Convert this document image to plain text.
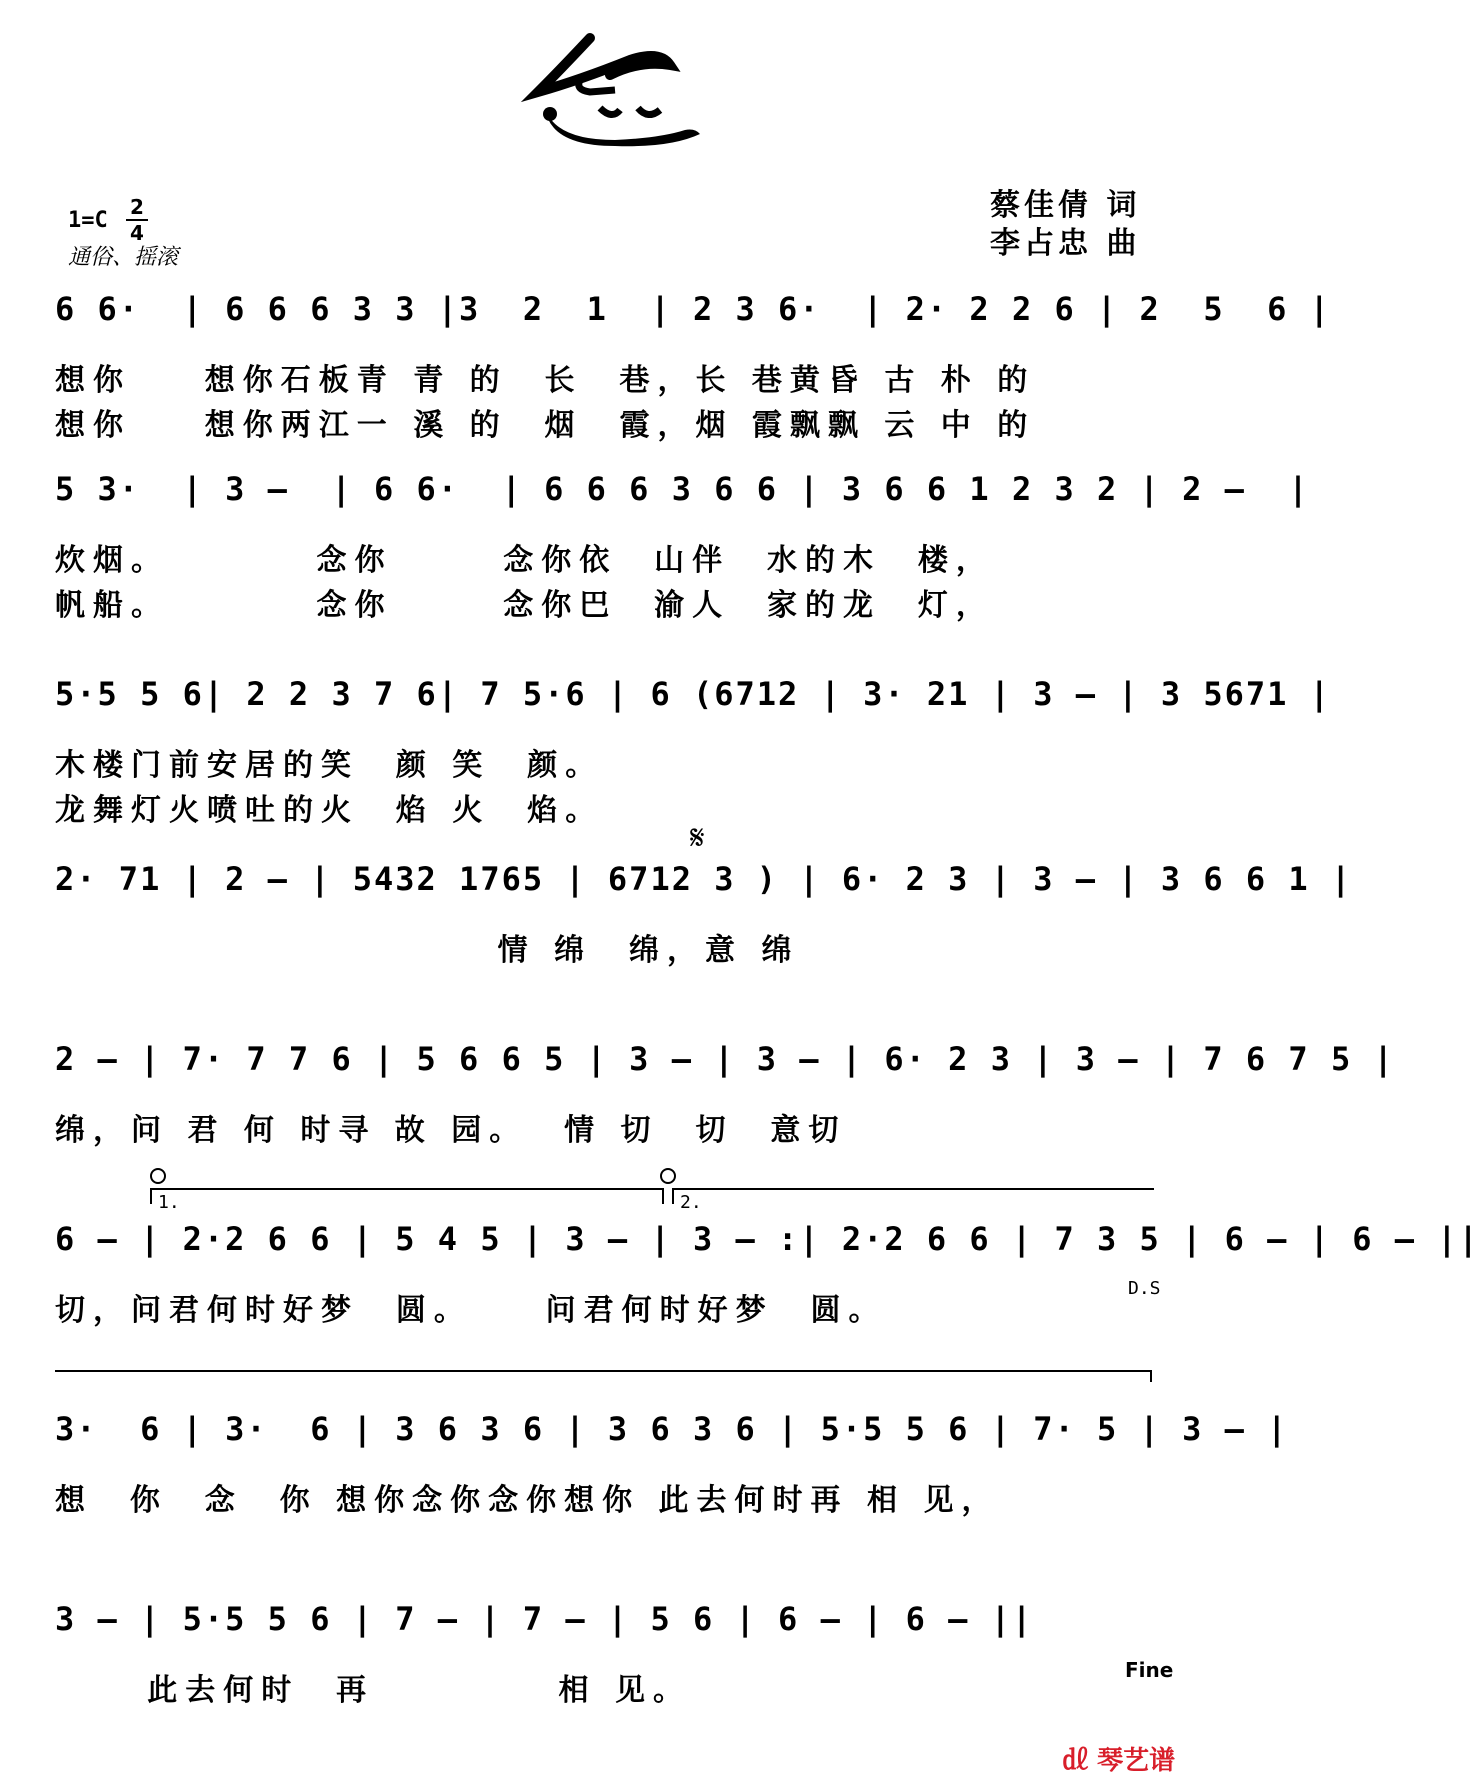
蔡佳倩 词
李占忠 曲
1=C
2
4
通俗、摇滚
6 6·  | 6 6 6 3 3 |3  2  1  | 2 3 6·  | 2· 2 2 6 | 2  5  6 |
想你    想你石板青 青 的  长  巷，长 巷黄昏 古 朴 的
想你    想你两江一 溪 的  烟  霞，烟 霞飘飘 云 中 的
5 3·  | 3 –  | 6 6·  | 6 6 6 3 6 6 | 3 6 6 1 2 3 2 | 2 –  |
炊烟。        念你      念你依  山伴  水的木  楼，
帆船。        念你      念你巴  渝人  家的龙  灯，
5·5 5 6| 2 2 3 7 6| 7 5·6 | 6 (6712 | 3· 21 | 3 – | 3 5671 |
木楼门前安居的笑  颜 笑  颜。
龙舞灯火喷吐的火  焰 火  焰。
2· 71 | 2 – | 5432 1765 | 6712 3 ) | 6· 2 3 | 3 – | 3 6 6 1 |
情 绵  绵，意 绵
𝄋
2 – | 7· 7 7 6 | 5 6 6 5 | 3 – | 3 – | 6· 2 3 | 3 – | 7 6 7 5 |
绵，问 君 何 时寻 故 园。  情 切  切  意切
1.	2.
6 – | 2·2 6 6 | 5 4 5 | 3 – | 3 – :| 2·2 6 6 | 7 3 5 | 6 – | 6 – ||
切，问君何时好梦  圆。    问君何时好梦  圆。
D.S
3·  6 | 3·  6 | 3 6 3 6 | 3 6 3 6 | 5·5 5 6 | 7· 5 | 3 – |
想  你  念  你 想你念你念你想你 此去何时再 相 见，
3 – | 5·5 5 6 | 7 – | 7 – | 5 6 | 6 – | 6 – ||
此去何时  再          相 见。
Fine
㎗ 琴艺谱
